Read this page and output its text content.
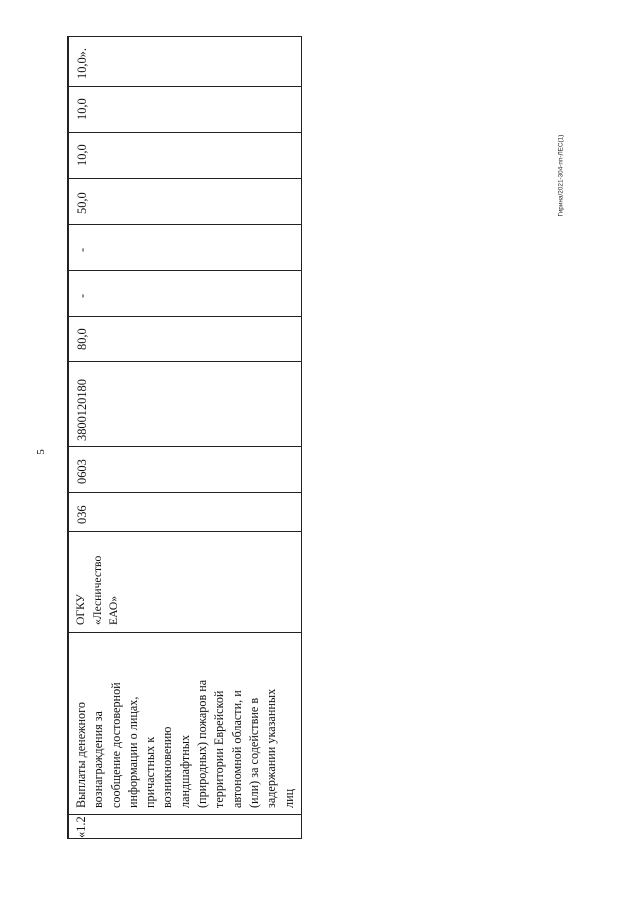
5
Гирина/2021-304-пп-ЛЕС(1)
10,0».
10,0
10,0
50,0
-
-
80,0
3800120180
0603
036
ОГКУ «Лесничество ЕАО»
Выплаты денежного вознаграждения за сообщение достоверной информации о лицах, причастных к возникновению ландшафтных (природных) пожаров на территории Еврейской автономной области, и (или) за содействие в задержании указанных лиц
«1.2
